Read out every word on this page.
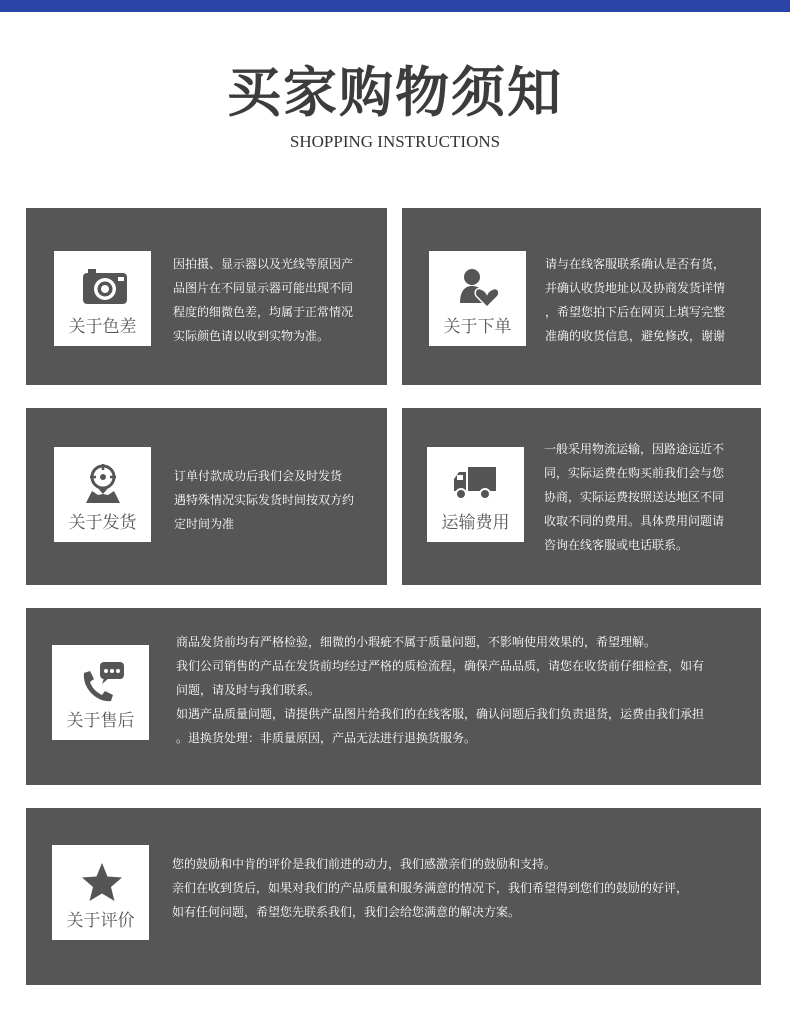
买家购物须知
SHOPPING INSTRUCTIONS
关于色差

因拍摄、显示器以及光线等原因产

品图片在不同显示器可能出现不同

程度的细微色差，均属于正常情况

实际颜色请以收到实物为准。	关于下单

请与在线客服联系确认是否有货，

并确认收货地址以及协商发货详情

，希望您拍下后在网页上填写完整

准确的收货信息，避免修改，谢谢

关于发货

订单付款成功后我们会及时发货

遇特殊情况实际发货时间按双方约

定时间为准	运输费用

一般采用物流运输，因路途远近不

同，实际运费在购买前我们会与您

协商，实际运费按照送达地区不同

收取不同的费用。具体费用问题请

咨询在线客服或电话联系。

关于售后

商品发货前均有严格检验，细微的小瑕疵不属于质量问题，不影响使用效果的，希望理解。

我们公司销售的产品在发货前均经过严格的质检流程，确保产品品质，请您在收货前仔细检查，如有

问题，请及时与我们联系。

如遇产品质量问题，请提供产品图片给我们的在线客服，确认问题后我们负责退货，运费由我们承担

。退换货处理：非质量原因，产品无法进行退换货服务。

关于评价

您的鼓励和中肯的评价是我们前进的动力，我们感激亲们的鼓励和支持。

亲们在收到货后，如果对我们的产品质量和服务满意的情况下，我们希望得到您们的鼓励的好评，

如有任何问题，希望您先联系我们，我们会给您满意的解决方案。
